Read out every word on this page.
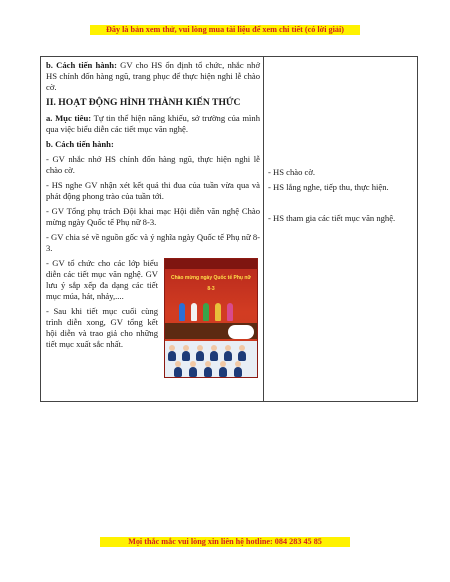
Đây là bản xem thử, vui lòng mua tài liệu để xem chi tiết (có lời giải)

b. Cách tiến hành: GV cho HS ổn định tổ chức, nhắc nhở HS chỉnh đốn hàng ngũ, trang phục để thực hiện nghi lễ chào cờ.

II. HOẠT ĐỘNG HÌNH THÀNH KIẾN THỨC

a. Mục tiêu: Tự tin thể hiện năng khiếu, sở trường của mình qua việc biểu diễn các tiết mục văn nghệ.

b. Cách tiến hành:

- GV nhắc nhở HS chỉnh đốn hàng ngũ, thực hiện nghi lễ chào cờ.

- HS nghe GV nhận xét kết quả thi đua của tuần vừa qua và phát động phong trào của tuần tới.

- GV Tổng phụ trách Đội khai mạc Hội diễn văn nghệ Chào mừng ngày Quốc tế Phụ nữ 8-3.

- GV chia sẻ về nguồn gốc và ý nghĩa ngày Quốc tế Phụ nữ 8-3.

- GV tổ chức cho các lớp biểu diễn các tiết mục văn nghệ. GV lưu ý sắp xếp đa dạng các tiết mục múa, hát, nhảy,....

- Sau khi tiết mục cuối cùng trình diễn xong, GV tổng kết hội diễn và trao giả cho những tiết mục xuất sắc nhất.

Chào mừng ngày Quốc tế Phụ nữ 8-3

- HS chào cờ.

- HS lắng nghe, tiếp thu, thực hiện.

- HS tham gia các tiết mục văn nghệ.

Mọi thắc mắc vui lòng xin liên hệ hotline: 084 283 45 85
